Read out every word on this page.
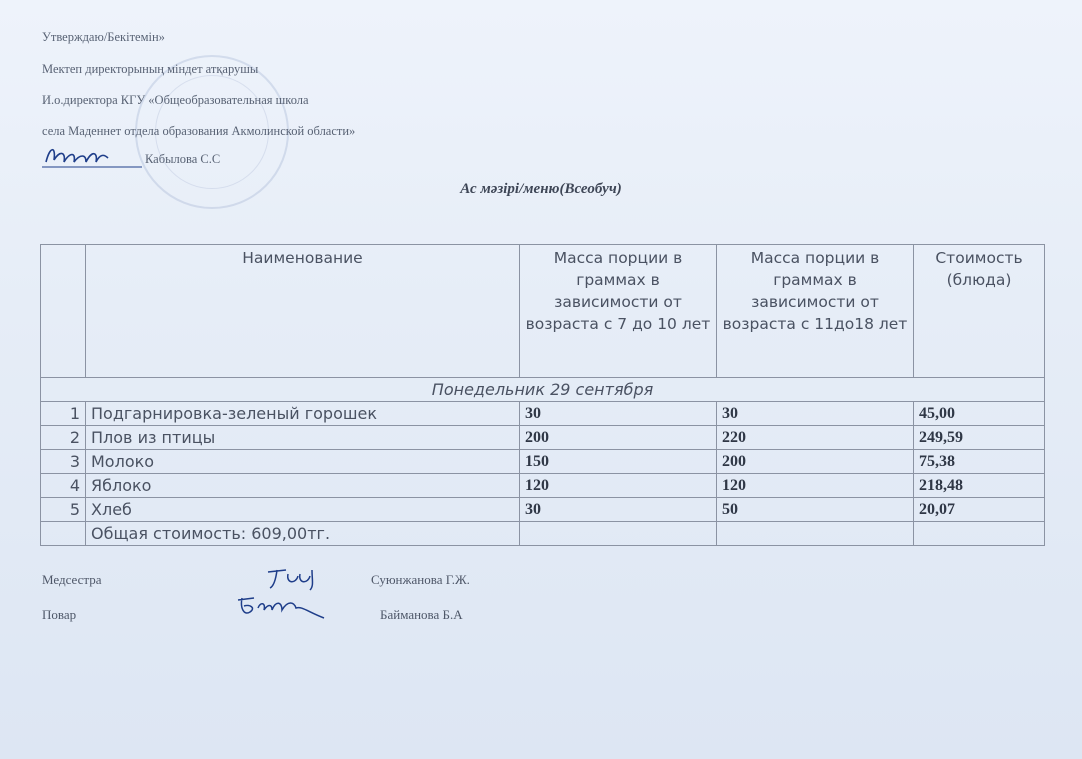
Утверждаю/Бекітемін»
Мектеп директорының міндет атқарушы
И.о.директора КГУ «Общеобразовательная школа
села Маденнет отдела образования Акмолинской области»
Кабылова С.С
Ас мәзірі/меню(Всеобуч)
	Наименование	Масса порции в граммах в зависимости от возраста с 7 до 10 лет	Масса порции в граммах в зависимости от возраста с 11до18 лет	Стоимость (блюда)
Понедельник 29 сентября				
1	Подгарнировка-зеленый горошек	30	30	45,00
2	Плов из птицы	200	220	249,59
3	Молоко	150	200	75,38
4	Яблоко	120	120	218,48
5	Хлеб	30	50	20,07
	Общая стоимость: 609,00тг.			
Медсестра	Суюнжанова Г.Ж.
Повар	Байманова Б.А
